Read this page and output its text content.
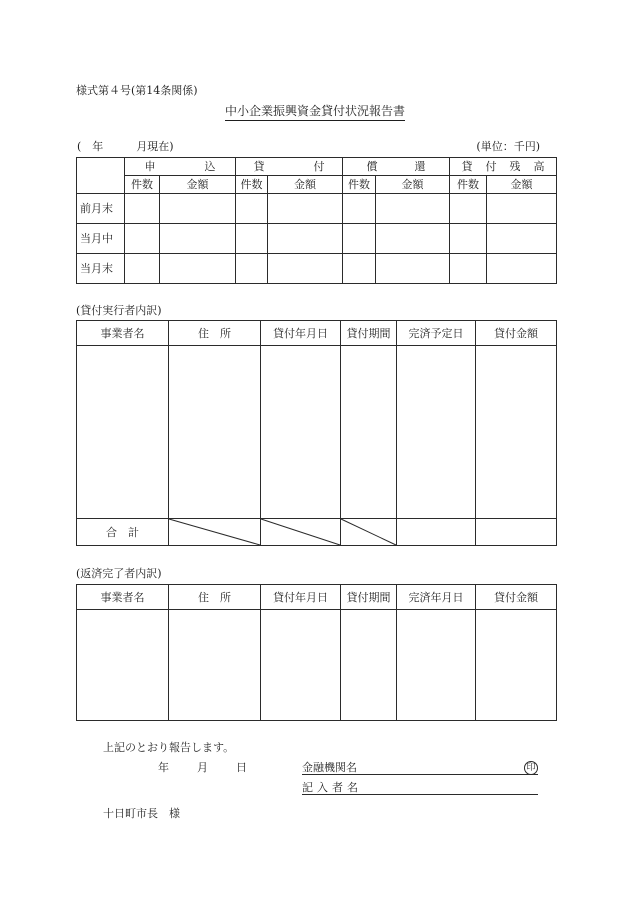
様式第４号(第14条関係)
中小企業振興資金貸付状況報告書
(　年　　　月現在)	(単位：千円)
	申込		貸付		償還		貸付残高	
	件数	金額	件数	金額	件数	金額	件数	金額
前月末								
当月中								
当月末								
(貸付実行者内訳)
事業者名	住　所	貸付年月日	貸付期間	完済予定日	貸付金額

合　計	

(返済完了者内訳)
事業者名	住　所	貸付年月日	貸付期間	完済年月日	貸付金額

上記のとおり報告します。
年　　月　　日	金融機関名	印
記入者名
十日町市長　様
